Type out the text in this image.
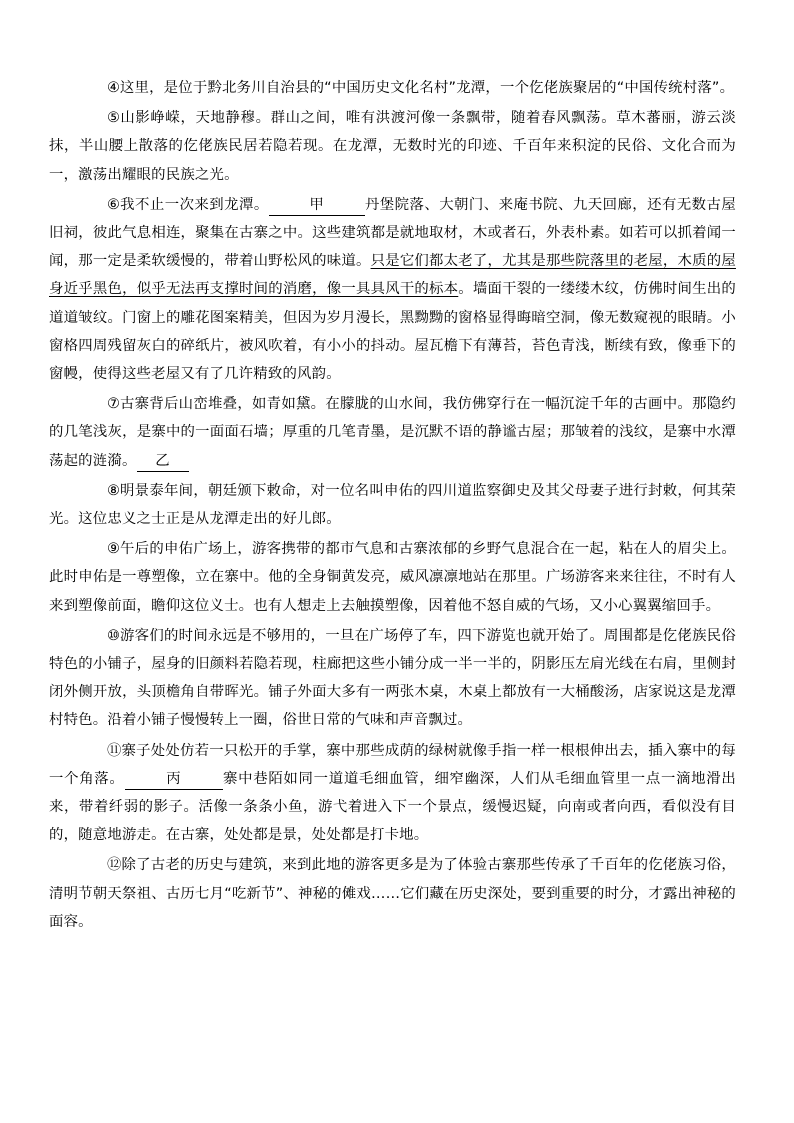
④这里，是位于黔北务川自治县的“中国历史文化名村”龙潭，一个仡佬族聚居的“中国传统村落”。

⑤山影峥嵘，天地静穆。群山之间，唯有洪渡河像一条飘带，随着春风飘荡。草木蕃丽，游云淡抹，半山腰上散落的仡佬族民居若隐若现。在龙潭，无数时光的印迹、千百年来积淀的民俗、文化合而为一，激荡出耀眼的民族之光。

⑥我不止一次来到龙潭。	甲	丹堡院落、大朝门、来庵书院、九天回廊，还有无数古屋旧祠，彼此气息相连，聚集在古寨之中。这些建筑都是就地取材，木或者石，外表朴素。如若可以抓着闻一闻，那一定是柔软缓慢的，带着山野松风的味道。只是它们都太老了，尤其是那些院落里的老屋，木质的屋身近乎黑色，似乎无法再支撑时间的消磨，像一具具风干的标本。墙面干裂的一缕缕木纹，仿佛时间生出的道道皱纹。门窗上的雕花图案精美，但因为岁月漫长，黑黝黝的窗格显得晦暗空洞，像无数窥视的眼睛。小窗格四周残留灰白的碎纸片，被风吹着，有小小的抖动。屋瓦檐下有薄苔，苔色青浅，断续有致，像垂下的窗幔，使得这些老屋又有了几许精致的风韵。

⑦古寨背后山峦堆叠，如青如黛。在朦胧的山水间，我仿佛穿行在一幅沉淀千年的古画中。那隐约的几笔浅灰，是寨中的一面面石墙；厚重的几笔青墨，是沉默不语的静谧古屋；那皱着的浅纹，是寨中水潭荡起的涟漪。 乙

⑧明景泰年间，朝廷颁下敕命，对一位名叫申佑的四川道监察御史及其父母妻子进行封敕，何其荣光。这位忠义之士正是从龙潭走出的好儿郎。

⑨午后的申佑广场上，游客携带的都市气息和古寨浓郁的乡野气息混合在一起，粘在人的眉尖上。此时申佑是一尊塑像，立在寨中。他的全身铜黄发亮，威风凛凛地站在那里。广场游客来来往往，不时有人来到塑像前面，瞻仰这位义士。也有人想走上去触摸塑像，因着他不怒自威的气场，又小心翼翼缩回手。

⑩游客们的时间永远是不够用的，一旦在广场停了车，四下游览也就开始了。周围都是仡佬族民俗特色的小铺子，屋身的旧颜料若隐若现，柱廊把这些小铺分成一半一半的，阴影压左肩光线在右肩，里侧封闭外侧开放，头顶檐角自带晖光。铺子外面大多有一两张木桌，木桌上都放有一大桶酸汤，店家说这是龙潭村特色。沿着小铺子慢慢转上一圈，俗世日常的气味和声音飘过。

⑪寨子处处仿若一只松开的手掌，寨中那些成荫的绿树就像手指一样一根根伸出去，插入寨中的每一个角落。	丙	寨中巷陌如同一道道毛细血管，细窄幽深，人们从毛细血管里一点一滴地滑出来，带着纤弱的影子。活像一条条小鱼，游弋着进入下一个景点，缓慢迟疑，向南或者向西，看似没有目的，随意地游走。在古寨，处处都是景，处处都是打卡地。

⑫除了古老的历史与建筑，来到此地的游客更多是为了体验古寨那些传承了千百年的仡佬族习俗，清明节朝天祭祖、古历七月“吃新节”、神秘的傩戏……它们藏在历史深处，要到重要的时分，才露出神秘的面容。
